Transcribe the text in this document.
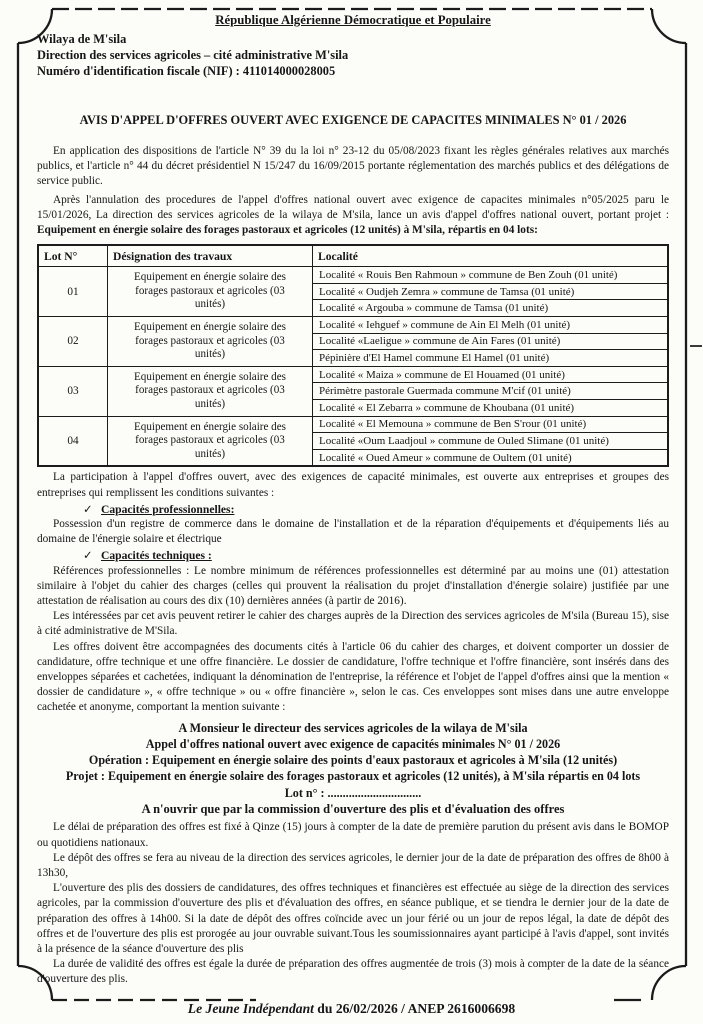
République Algérienne Démocratique et Populaire
Wilaya de M'sila
Direction des services agricoles – cité administrative M'sila
Numéro d'identification fiscale (NIF) : 411014000028005
AVIS D'APPEL D'OFFRES OUVERT AVEC EXIGENCE DE CAPACITES MINIMALES N° 01 / 2026

En application des dispositions de l'article N° 39 du la loi n° 23-12 du 05/08/2023 fixant les règles générales relatives aux marchés publics, et l'article n° 44 du décret présidentiel N 15/247 du 16/09/2015 portante réglementation des marchés publics et des délégations de service public.

Après l'annulation des procedures de l'appel d'offres national ouvert avec exigence de capacites minimales n°05/2025 paru le 15/01/2026, La direction des services agricoles de la wilaya de M'sila, lance un avis d'appel d'offres national ouvert, portant projet : Equipement en énergie solaire des forages pastoraux et agricoles (12 unités) à M'sila, répartis en 04 lots:

Lot N°	Désignation des travaux	Localité
01	Equipement en énergie solaire des forages pastoraux et agricoles (03 unités)	Localité « Rouis Ben Rahmoun » commune de Ben Zouh (01 unité)
		Localité « Oudjeh Zemra » commune de Tamsa (01 unité)
		Localité « Argouba » commune de Tamsa (01 unité)
02	Equipement en énergie solaire des forages pastoraux et agricoles (03 unités)	Localité « Iehguef » commune de Ain El Melh (01 unité)
		Localité «Laeligue » commune de Ain Fares (01 unité)
		Pépinière d'El Hamel commune El Hamel (01 unité)
03	Equipement en énergie solaire des forages pastoraux et agricoles (03 unités)	Localité « Maiza » commune de El Houamed (01 unité)
		Périmètre pastorale Guermada commune M'cif (01 unité)
		Localité « El Zebarra » commune de Khoubana (01 unité)
04	Equipement en énergie solaire des forages pastoraux et agricoles (03 unités)	Localité « El Memouna » commune de Ben S'rour (01 unité)
		Localité «Oum Laadjoul » commune de Ouled Slimane (01 unité)
		Localité « Oued Ameur » commune de Oultem (01 unité)

La participation à l'appel d'offres ouvert, avec des exigences de capacité minimales, est ouverte aux entreprises et groupes des entreprises qui remplissent les conditions suivantes :

✓ Capacités professionnelles:

Possession d'un registre de commerce dans le domaine de l'installation et de la réparation d'équipements et d'équipements liés au domaine de l'énergie solaire et électrique

✓ Capacités techniques :

Références professionnelles : Le nombre minimum de références professionnelles est déterminé par au moins une (01) attestation similaire à l'objet du cahier des charges (celles qui prouvent la réalisation du projet d'installation d'énergie solaire) justifiée par une attestation de réalisation au cours des dix (10) dernières années (à partir de 2016).

Les intéressées par cet avis peuvent retirer le cahier des charges auprès de la Direction des services agricoles de M'sila (Bureau 15), sise à cité administrative de M'Sila.

Les offres doivent être accompagnées des documents cités à l'article 06 du cahier des charges, et doivent comporter un dossier de candidature, offre technique et une offre financière. Le dossier de candidature, l'offre technique et l'offre financière, sont insérés dans des enveloppes séparées et cachetées, indiquant la dénomination de l'entreprise, la référence et l'objet de l'appel d'offres ainsi que la mention « dossier de candidature », « offre technique » ou « offre financière », selon le cas. Ces enveloppes sont mises dans une autre enveloppe cachetée et anonyme, comportant la mention suivante :

A Monsieur le directeur des services agricoles de la wilaya de M'sila
Appel d'offres national ouvert avec exigence de capacités minimales N° 01 / 2026
Opération : Equipement en énergie solaire des points d'eaux pastoraux et agricoles à M'sila (12 unités)
Projet : Equipement en énergie solaire des forages pastoraux et agricoles (12 unités), à M'sila répartis en 04 lots
Lot n° : ...............................
A n'ouvrir que par la commission d'ouverture des plis et d'évaluation des offres

Le délai de préparation des offres est fixé à Qinze (15) jours à compter de la date de première parution du présent avis dans le BOMOP ou quotidiens nationaux.

Le dépôt des offres se fera au niveau de la direction des services agricoles, le dernier jour de la date de préparation des offres de 8h00 à 13h30,

L'ouverture des plis des dossiers de candidatures, des offres techniques et financières est effectuée au siège de la direction des services agricoles, par la commission d'ouverture des plis et d'évaluation des offres, en séance publique, et se tiendra le dernier jour de la date de préparation des offres à 14h00. Si la date de dépôt des offres coïncide avec un jour férié ou un jour de repos légal, la date de dépôt des offres et de l'ouverture des plis est prorogée au jour ouvrable suivant.Tous les soumissionnaires ayant participé à l'avis d'appel, sont invités à la présence de la séance d'ouverture des plis

La durée de validité des offres est égale la durée de préparation des offres augmentée de trois (3) mois à compter de la date de la séance d'ouverture des plis.

Le Jeune Indépendant du 26/02/2026 / ANEP 2616006698
